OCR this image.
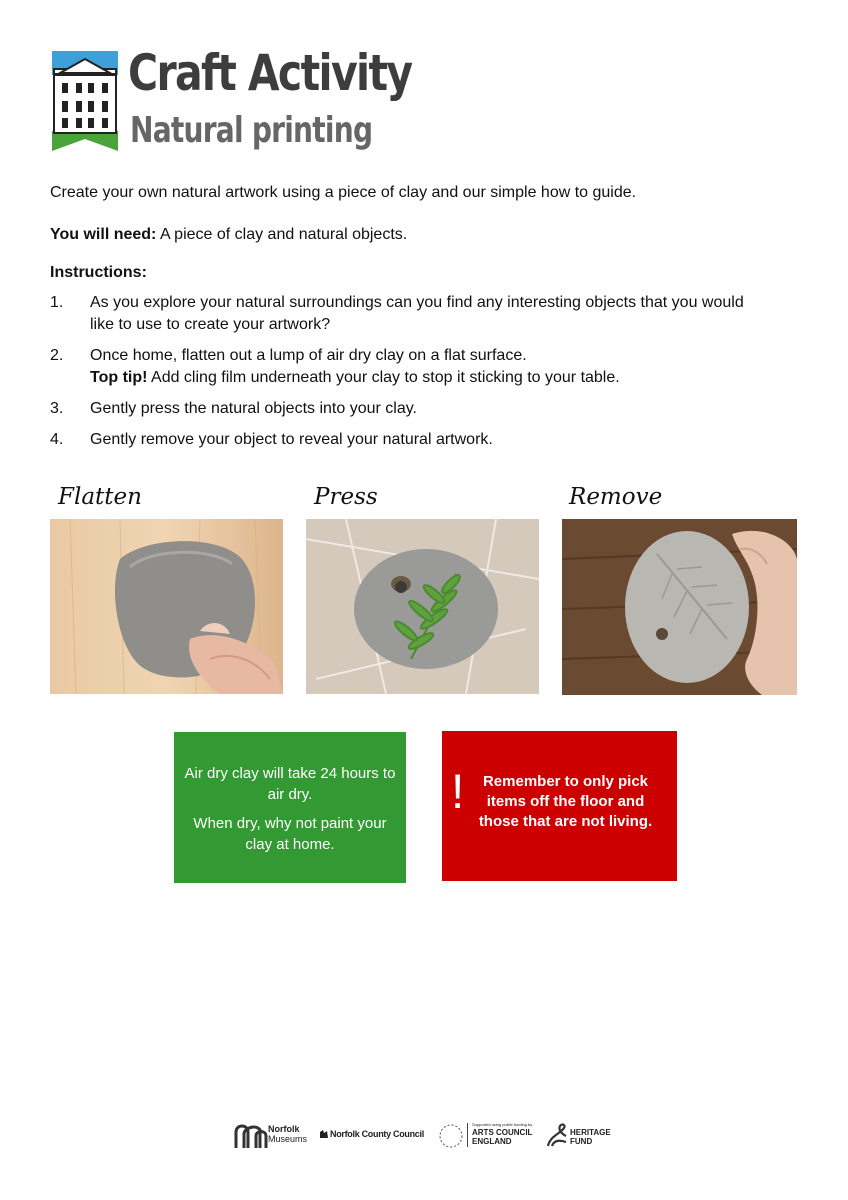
Craft Activity
Natural printing
Create your own natural artwork using a piece of clay and our simple how to guide.
You will need: A piece of clay and natural objects.
Instructions:
1. As you explore your natural surroundings can you find any interesting objects that you would
like to use to create your artwork?
2. Once home, flatten out a lump of air dry clay on a flat surface.
Top tip! Add cling film underneath your clay to stop it sticking to your table.
3. Gently press the natural objects into your clay.
4. Gently remove your object to reveal your natural artwork.
Flatten	Press	Remove

Air dry clay will take 24 hours to air dry.

When dry, why not paint your clay at home.

!	Remember to only pick items off the floor and those that are not living.
Norfolk
Museums	Norfolk County Council
Supported using public funding by
ARTS COUNCIL
ENGLAND
HERITAGE
FUND
